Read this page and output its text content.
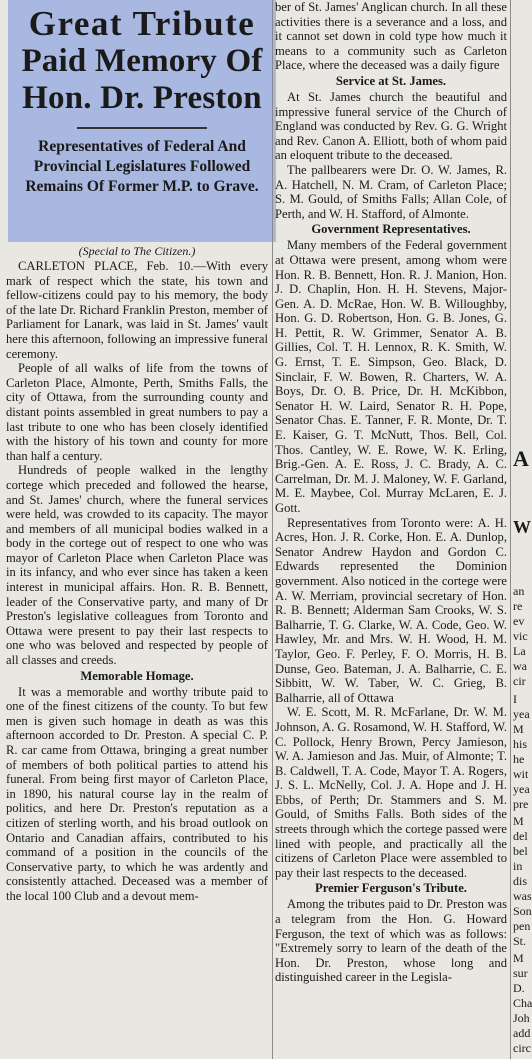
Great Tribute
Paid Memory Of
Hon. Dr. Preston
Representatives of Federal And Provincial Legislatures Followed Remains Of Former M.P. to Grave.
(Special to The Citizen.)

CARLETON PLACE, Feb. 10.—With every mark of respect which the state, his town and fellow-citizens could pay to his memory, the body of the late Dr. Richard Franklin Preston, member of Parliament for Lanark, was laid in St. James' vault here this afternoon, following an impressive funeral ceremony.

People of all walks of life from the towns of Carleton Place, Almonte, Perth, Smiths Falls, the city of Ottawa, from the surrounding county and distant points assembled in great numbers to pay a last tribute to one who has been closely identified with the history of his town and county for more than half a century.

Hundreds of people walked in the lengthy cortege which preceded and followed the hearse, and St. James' church, where the funeral services were held, was crowded to its capacity. The mayor and members of all municipal bodies walked in a body in the cortege out of respect to one who was mayor of Carleton Place when Carleton Place was in its infancy, and who ever since has taken a keen interest in municipal affairs. Hon. R. B. Bennett, leader of the Conservative party, and many of Dr Preston's legislative colleagues from Toronto and Ottawa were present to pay their last respects to one who was beloved and respected by people of all classes and creeds.

Memorable Homage.

It was a memorable and worthy tribute paid to one of the finest citizens of the county. To but few men is given such homage in death as was this afternoon accorded to Dr. Preston. A special C. P. R. car came from Ottawa, bringing a great number of members of both political parties to attend his funeral. From being first mayor of Carleton Place, in 1890, his natural course lay in the realm of politics, and here Dr. Preston's reputation as a citizen of sterling worth, and his broad outlook on Ontario and Canadian affairs, contributed to his command of a position in the councils of the Conservative party, to which he was ardently and consistently attached. Deceased was a member of the local 100 Club and a devout mem-

ber of St. James' Anglican church. In all these activities there is a severance and a loss, and it cannot set down in cold type how much it means to a community such as Carleton Place, where the deceased was a daily figure

Service at St. James.

At St. James church the beautiful and impressive funeral service of the Church of England was conducted by Rev. G. G. Wright and Rev. Canon A. Elliott, both of whom paid an eloquent tribute to the deceased.

The pallbearers were Dr. O. W. James, R. A. Hatchell, N. M. Cram, of Carleton Place; S. M. Gould, of Smiths Falls; Allan Cole, of Perth, and W. H. Stafford, of Almonte.

Government Representatives.

Many members of the Federal government at Ottawa were present, among whom were Hon. R. B. Bennett, Hon. R. J. Manion, Hon. J. D. Chaplin, Hon. H. H. Stevens, Major-Gen. A. D. McRae, Hon. W. B. Willoughby, Hon. G. D. Robertson, Hon. G. B. Jones, G. H. Pettit, R. W. Grimmer, Senator A. B. Gillies, Col. T. H. Lennox, R. K. Smith, W. G. Ernst, T. E. Simpson, Geo. Black, D. Sinclair, F. W. Bowen, R. Charters, W. A. Boys, Dr. O. B. Price, Dr. H. McKibbon, Senator H. W. Laird, Senator R. H. Pope, Senator Chas. E. Tanner, F. R. Monte, Dr. T. E. Kaiser, G. T. McNutt, Thos. Bell, Col. Thos. Cantley, W. E. Rowe, W. K. Erling, Brig.-Gen. A. E. Ross, J. C. Brady, A. C. Carrelman, Dr. M. J. Maloney, W. F. Garland, M. E. Maybee, Col. Murray McLaren, E. J. Gott.

Representatives from Toronto were: A. H. Acres, Hon. J. R. Corke, Hon. E. A. Dunlop, Senator Andrew Haydon and Gordon C. Edwards represented the Dominion government. Also noticed in the cortege were A. W. Merriam, provincial secretary of Hon. R. B. Bennett; Alderman Sam Crooks, W. S. Balharrie, T. G. Clarke, W. A. Code, Geo. W. Hawley, Mr. and Mrs. W. H. Wood, H. M. Taylor, Geo. F. Perley, F. O. Morris, H. B. Dunse, Geo. Bateman, J. A. Balharrie, C. E. Sibbitt, W. W. Taber, W. C. Grieg, B. Balharrie, all of Ottawa

W. E. Scott, M. R. McFarlane, Dr. W. M. Johnson, A. G. Rosamond, W. H. Stafford, W. C. Pollock, Henry Brown, Percy Jamieson, W. A. Jamieson and Jas. Muir, of Almonte; T. B. Caldwell, T. A. Code, Mayor T. A. Rogers, J. S. L. McNelly, Col. J. A. Hope and J. H. Ebbs, of Perth; Dr. Stammers and S. M. Gould, of Smiths Falls. Both sides of the streets through which the cortege passed were lined with people, and practically all the citizens of Carleton Place were assembled to pay their last respects to the deceased.

Premier Ferguson's Tribute.

Among the tributes paid to Dr. Preston was a telegram from the Hon. G. Howard Ferguson, the text of which was as follows: "Extremely sorry to learn of the death of the Hon. Dr. Preston, whose long and distinguished career in the Legisla-

A
W
an
re
ev
vic
La
wa
cir
I
yea
M
his
he
wit
yea
pre
M
del
bel
in
dis
was
Son
pen
St.
M
sur
D.
Cha
Joh
add
circ
